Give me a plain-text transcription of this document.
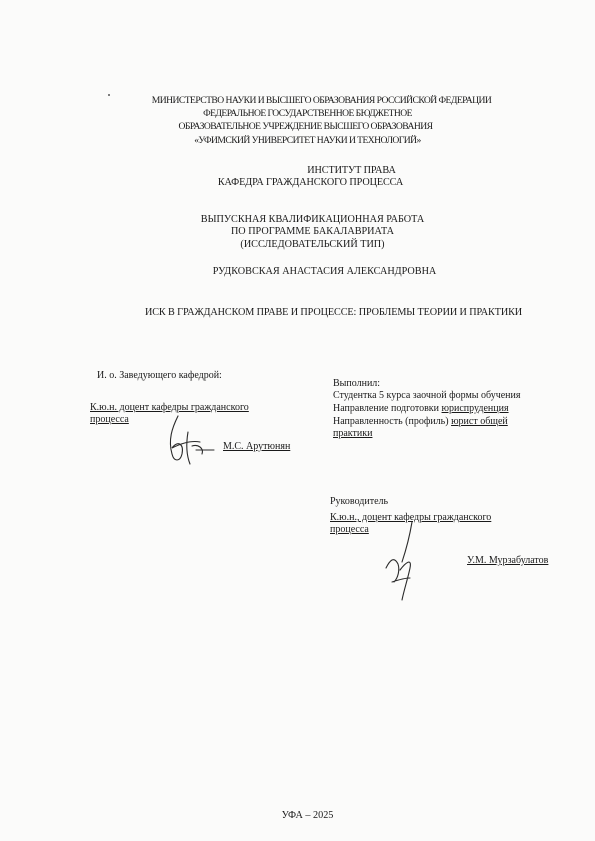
МИНИСТЕРСТВО НАУКИ И ВЫСШЕГО ОБРАЗОВАНИЯ РОССИЙСКОЙ ФЕДЕРАЦИИ
ФЕДЕРАЛЬНОЕ ГОСУДАРСТВЕННОЕ БЮДЖЕТНОЕ
ОБРАЗОВАТЕЛЬНОЕ УЧРЕЖДЕНИЕ ВЫСШЕГО ОБРАЗОВАНИЯ
«УФИМСКИЙ УНИВЕРСИТЕТ НАУКИ И ТЕХНОЛОГИЙ»
ИНСТИТУТ ПРАВА
КАФЕДРА ГРАЖДАНСКОГО ПРОЦЕССА
ВЫПУСКНАЯ КВАЛИФИКАЦИОННАЯ РАБОТА
ПО ПРОГРАММЕ БАКАЛАВРИАТА
(ИССЛЕДОВАТЕЛЬСКИЙ ТИП)
РУДКОВСКАЯ АНАСТАСИЯ АЛЕКСАНДРОВНА
ИСК В ГРАЖДАНСКОМ ПРАВЕ И ПРОЦЕССЕ: ПРОБЛЕМЫ ТЕОРИИ И ПРАКТИКИ
И. о. Заведующего кафедрой:
К.ю.н. доцент кафедры гражданского
процесса
М.С. Арутюнян
Выполнил:
Студентка 5 курса заочной формы обучения
Направление подготовки юриспруденция
Направленность (профиль) юрист общей
практики
Руководитель
К.ю.н., доцент кафедры гражданского
процесса
У.М. Мурзабулатов
УФА – 2025
